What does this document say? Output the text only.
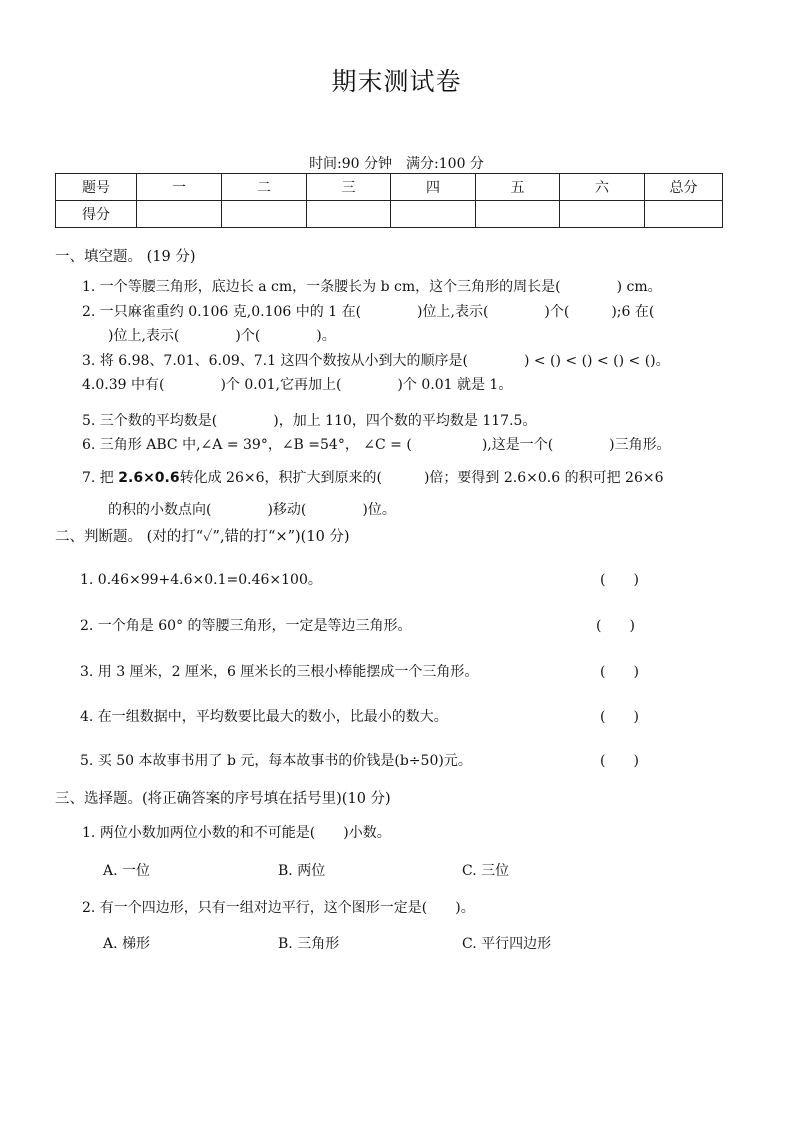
期末测试卷
时间:90 分钟　满分:100 分
题号	一	二	三	四	五	六	总分
得分							
一、填空题。 (19 分)
1. 一个等腰三角形，底边长 a cm，一条腰长为 b cm，这个三角形的周长是(　　　　) cm。
2. 一只麻雀重约 0.106 克,0.106 中的 1 在(　　　　)位上,表示(　　　　)个(　　　);6 在(
)位上,表示(　　　　)个(　　　　)。
3. 将 6.98、7.01、6.09、7.1 这四个数按从小到大的顺序是(　　　　) < () < () < () < ()。
4.0.39 中有(　　　　)个 0.01,它再加上(　　　　)个 0.01 就是 1。
5. 三个数的平均数是(　　　　)，加上 110，四个数的平均数是 117.5。
6. 三角形 ABC 中,∠A = 39°，∠B =54°， ∠C = (　　　　　),这是一个(　　　　)三角形。
7. 把 2.6×0.6转化成 26×6，积扩大到原来的(　　　)倍；要得到 2.6×0.6 的积可把 26×6
的积的小数点向(　　　　)移动(　　　　)位。
二、判断题。 (对的打“✓”,错的打“×”)(10 分)
1. 0.46×99+4.6×0.1=0.46×100。	(　　)
2. 一个角是 60° 的等腰三角形，一定是等边三角形。	(　　)
3. 用 3 厘米，2 厘米，6 厘米长的三根小棒能摆成一个三角形。	(　　)
4. 在一组数据中，平均数要比最大的数小，比最小的数大。	(　　)
5. 买 50 本故事书用了 b 元，每本故事书的价钱是(b÷50)元。	(　　)
三、选择题。(将正确答案的序号填在括号里)(10 分)
1. 两位小数加两位小数的和不可能是(　　)小数。
A. 一位	B. 两位	C. 三位
2. 有一个四边形，只有一组对边平行，这个图形一定是(　　)。
A. 梯形	B. 三角形	C. 平行四边形
